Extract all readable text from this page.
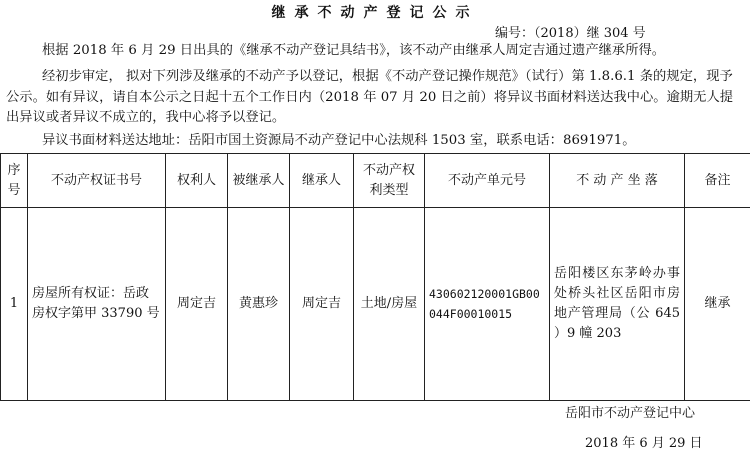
继承不动产登记公示
编号：（2018）继 304 号
根据 2018 年 6 月 29 日出具的《继承不动产登记具结书》，该不动产由继承人周定吉通过遗产继承所得。
经初步审定， 拟对下列涉及继承的不动产予以登记，根据《不动产登记操作规范》（试行）第 1.8.6.1 条的规定，现予公示。如有异议，请自本公示之日起十五个工作日内（2018 年 07 月 20 日之前）将异议书面材料送达我中心。逾期无人提出异议或者异议不成立的，我中心将予以登记。
异议书面材料送达地址：岳阳市国土资源局不动产登记中心法规科 1503 室，联系电话：8691971。
序号	不动产权证书号	权利人	被继承人	继承人	不动产权利类型	不动产单元号	不 动 产 坐 落	备注
1	房屋所有权证：岳政房权字第甲 33790 号	周定吉	黄惠珍	周定吉	土地/房屋	430602120001GB00044F00010015	岳阳楼区东茅岭办事处桥头社区岳阳市房地产管理局（公 645 ）9 幢 203	继承
岳阳市不动产登记中心
2018 年 6 月 29 日
